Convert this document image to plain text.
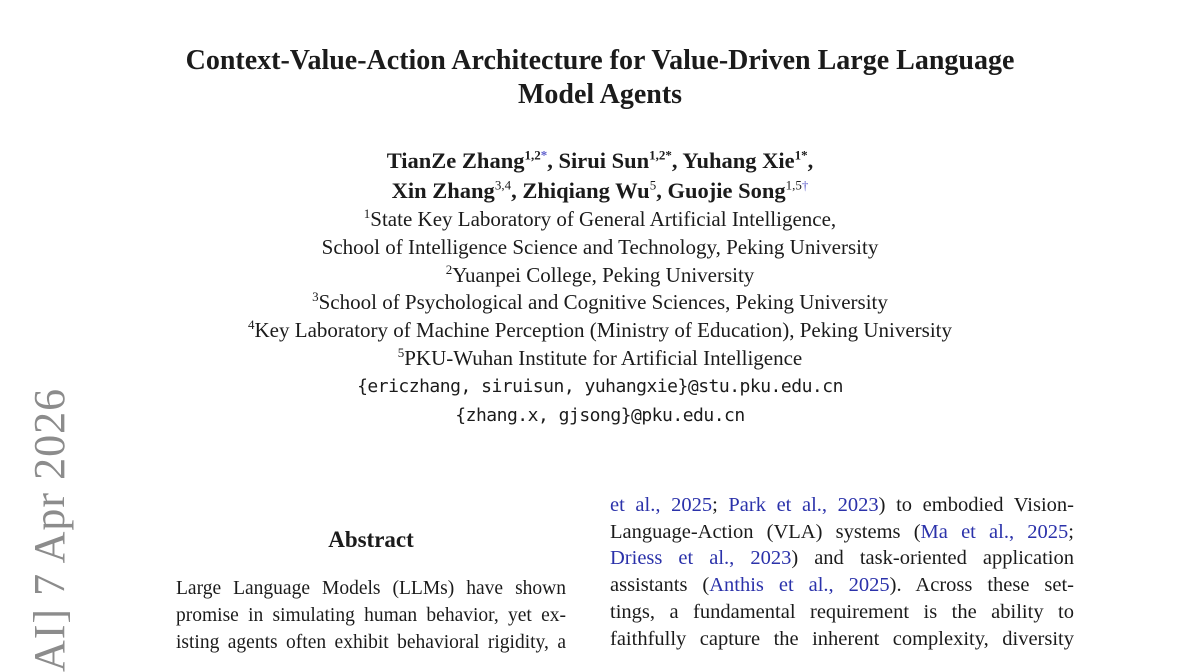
AI] 7 Apr 2026
Context-Value-Action Architecture for Value-Driven Large Language
Model Agents
TianZe Zhang$^{1,2*}$, Sirui Sun$^{1,2*}$, Yuhang Xie$^{1*}$,
Xin Zhang$^{3,4}$, Zhiqiang Wu$^5$, Guojie Song$^{1,5\dagger}$
$^1$State Key Laboratory of General Artificial Intelligence,
School of Intelligence Science and Technology, Peking University
$^2$Yuanpei College, Peking University
$^3$School of Psychological and Cognitive Sciences, Peking University
$^4$Key Laboratory of Machine Perception (Ministry of Education), Peking University
$^5$PKU-Wuhan Institute for Artificial Intelligence
{ericzhang, siruisun, yuhangxie}@stu.pku.edu.cn
{zhang.x, gjsong}@pku.edu.cn
Abstract
Large Language Models (LLMs) have shown
promise in simulating human behavior, yet ex-
isting agents often exhibit behavioral rigidity, a
et al., 2025; Park et al., 2023) to embodied Vision-
Language-Action (VLA) systems (Ma et al., 2025;
Driess et al., 2023) and task-oriented application
assistants (Anthis et al., 2025). Across these set-
tings, a fundamental requirement is the ability to
faithfully capture the inherent complexity, diversity
